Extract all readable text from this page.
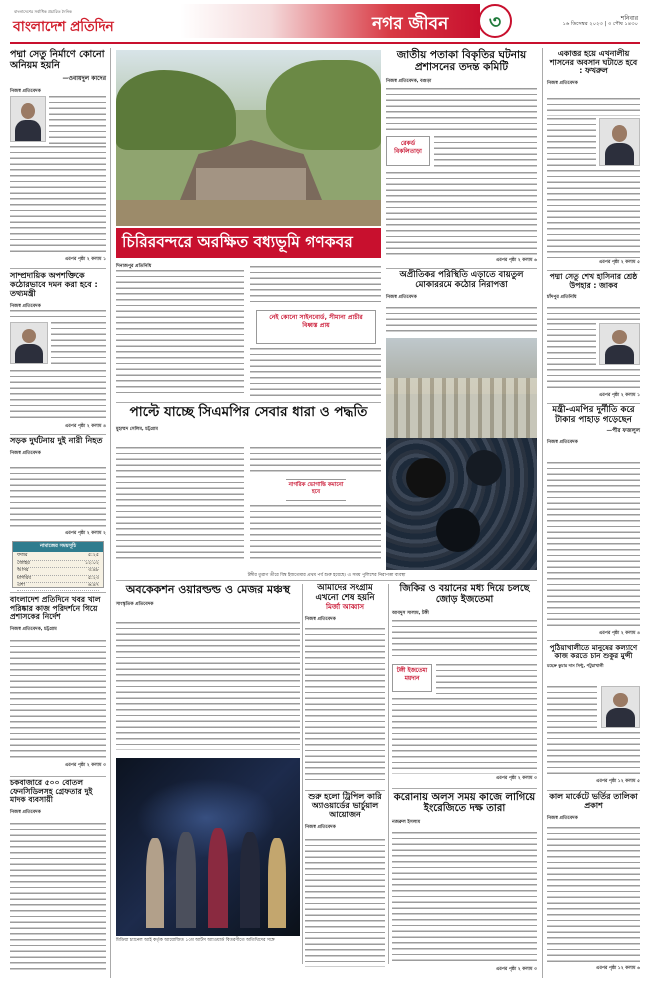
বাংলাদেশের সর্বাধিক প্রচারিত দৈনিক
বাংলাদেশ প্রতিদিন	নগর জীবন	৩	শনিবার
১৬ ডিসেম্বর ২০২৩ | ৩ পৌষ ১৪৩০
পদ্মা সেতু নির্মাণে কোনো অনিয়ম হয়নি
—ওবায়দুল কাদের
নিজস্ব প্রতিবেদক
এরপর পৃষ্ঠা ২ কলাম ১
সাম্প্রদায়িক অপশক্তিকে কঠোরভাবে দমন করা হবে : তথ্যমন্ত্রী
নিজস্ব প্রতিবেদক
এরপর পৃষ্ঠা ২ কলাম ৪
সড়ক দুর্ঘটনায় দুই নারী নিহত
নিজস্ব প্রতিবেদক
এরপর পৃষ্ঠা ২ কলাম ২
নামাজের সময়সূচি
ফজর	৫:২৫
জোহর	১২:০২
আসর	৩:৪৮
মাগরিব	৫:২৩
এশা	৬:৪৭
বাংলাদেশ প্রতিদিনে খবর খাল পরিষ্কার কাজ পরিদর্শনে গিয়ে প্রশাসকের নির্দেশ
নিজস্ব প্রতিবেদক, চট্টগ্রাম
এরপর পৃষ্ঠা ২ কলাম ৩
চকবাজারে ৫০০ বোতল ফেনসিডিলসহ গ্রেফতার দুই মাদক ব্যবসায়ী
নিজস্ব প্রতিবেদক
চিরিরবন্দরে অরক্ষিত বধ্যভূমি গণকবর
দিনাজপুর প্রতিনিধি
নেই কোনো সাইনবোর্ড, সীমানা প্রাচীর বিধ্বস্ত প্রায়
পাল্টে যাচ্ছে সিএমপির সেবার ধারা ও পদ্ধতি
মুহাম্মদ সেলিম, চট্টগ্রাম
নাগরিক ভোগান্তি কমানো হবে
টঙ্গীর তুরাগ তীরে বিশ্ব ইজতেমার প্রথম পর্ব শুরু হয়েছে। এ সময় পুলিশের নিরাপত্তা ব্যবস্থা
অবকেকশন ওয়ারল্ডল্ড ও মেজর মঞ্চস্থ
সাংস্কৃতিক প্রতিবেদক
মিডিয়া চ্যানেল আই কর্তৃক আয়োজিত ১০ম আর্টস অ্যাওয়ার্ড বিতরণীতে অতিথিদের সঙ্গে
আমাদের সংগ্রাম এখনো শেষ হয়নি
মির্জা আব্বাস
নিজস্ব প্রতিবেদক
শুরু হলো ট্রিপিল কারি অ্যাওয়ার্ডের ভার্চুয়াল আয়োজন
নিজস্ব প্রতিবেদক
জাতীয় পতাকা বিকৃতির ঘটনায় প্রশাসনের তদন্ত কমিটি
নিজস্ব প্রতিবেদক, বগুড়া
রেকর্ড বিকলিতাড়া
এরপর পৃষ্ঠা ২ কলাম ৬
অপ্রীতিকর পরিস্থিতি এড়াতে বায়তুল মোকাররমে কঠোর নিরাপত্তা
নিজস্ব প্রতিবেদক
জিকির ও বয়ানের মধ্য দিয়ে চলছে জোড় ইজতেমা
আবদুস সালাম, টঙ্গী
টঙ্গী ইজতেমা ময়দান
এরপর পৃষ্ঠা ২ কলাম ৩
করোনায় অলস সময় কাজে লাগিয়ে ইংরেজিতে দক্ষ তারা
নজরুল ইসলাম
এরপর পৃষ্ঠা ২ কলাম ৩
একাত্তর হয়ে এখনালীয় শাসনের অবসান ঘটাতে হবে : ফখরুল
নিজস্ব প্রতিবেদক
এরপর পৃষ্ঠা ২ কলাম ৫
পদ্মা সেতু শেখ হাসিনার শ্রেষ্ঠ উপহার : জাকব
চাঁদপুর প্রতিনিধি
এরপর পৃষ্ঠা ২ কলাম ১
মন্ত্রী-এমপির দুর্নীতি করে টাকার পাহাড় গড়েছেন
—পীর ফজলুল
নিজস্ব প্রতিবেদক
এরপর পৃষ্ঠা ২ কলাম ৪
পুঠিয়াখালীতে মানুষের কল্যাণে কাজ করতে চান শুকুর মুন্সী
মহেদ্রু কুমার দাস সিন্টু, পটুয়াখালী
এরপর পৃষ্ঠা ১২ কলাম ৫
কাল মার্কেটে ভর্তির তালিকা প্রকাশ
নিজস্ব প্রতিবেদক
এরপর পৃষ্ঠা ১২ কলাম ৬
